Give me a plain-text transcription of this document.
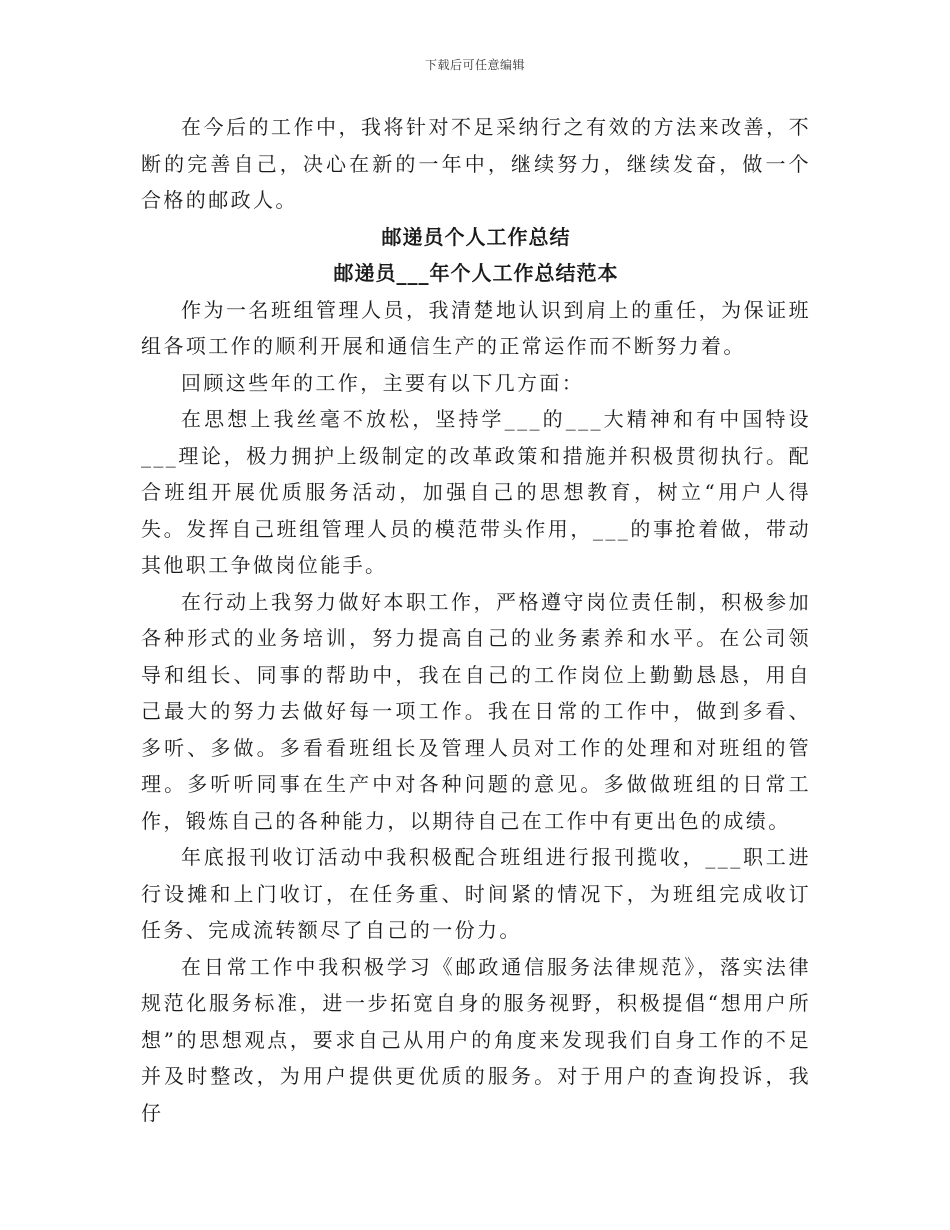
下载后可任意编辑

在今后的工作中，我将针对不足采纳行之有效的方法来改善，不断的完善自己，决心在新的一年中，继续努力，继续发奋，做一个合格的邮政人。

邮递员个人工作总结
邮递员___年个人工作总结范本

作为一名班组管理人员，我清楚地认识到肩上的重任，为保证班组各项工作的顺利开展和通信生产的正常运作而不断努力着。

回顾这些年的工作，主要有以下几方面：

在思想上我丝毫不放松，坚持学___的___大精神和有中国特设___理论，极力拥护上级制定的改革政策和措施并积极贯彻执行。配合班组开展优质服务活动，加强自己的思想教育，树立“用户人得失。发挥自己班组管理人员的模范带头作用，___的事抢着做，带动其他职工争做岗位能手。

在行动上我努力做好本职工作，严格遵守岗位责任制，积极参加各种形式的业务培训，努力提高自己的业务素养和水平。在公司领导和组长、同事的帮助中，我在自己的工作岗位上勤勤恳恳，用自己最大的努力去做好每一项工作。我在日常的工作中，做到多看、多听、多做。多看看班组长及管理人员对工作的处理和对班组的管理。多听听同事在生产中对各种问题的意见。多做做班组的日常工作，锻炼自己的各种能力，以期待自己在工作中有更出色的成绩。

年底报刊收订活动中我积极配合班组进行报刊揽收，___职工进行设摊和上门收订，在任务重、时间紧的情况下，为班组完成收订任务、完成流转额尽了自己的一份力。

在日常工作中我积极学习《邮政通信服务法律规范》，落实法律规范化服务标准，进一步拓宽自身的服务视野，积极提倡“想用户所想”的思想观点，要求自己从用户的角度来发现我们自身工作的不足并及时整改，为用户提供更优质的服务。对于用户的查询投诉，我仔
